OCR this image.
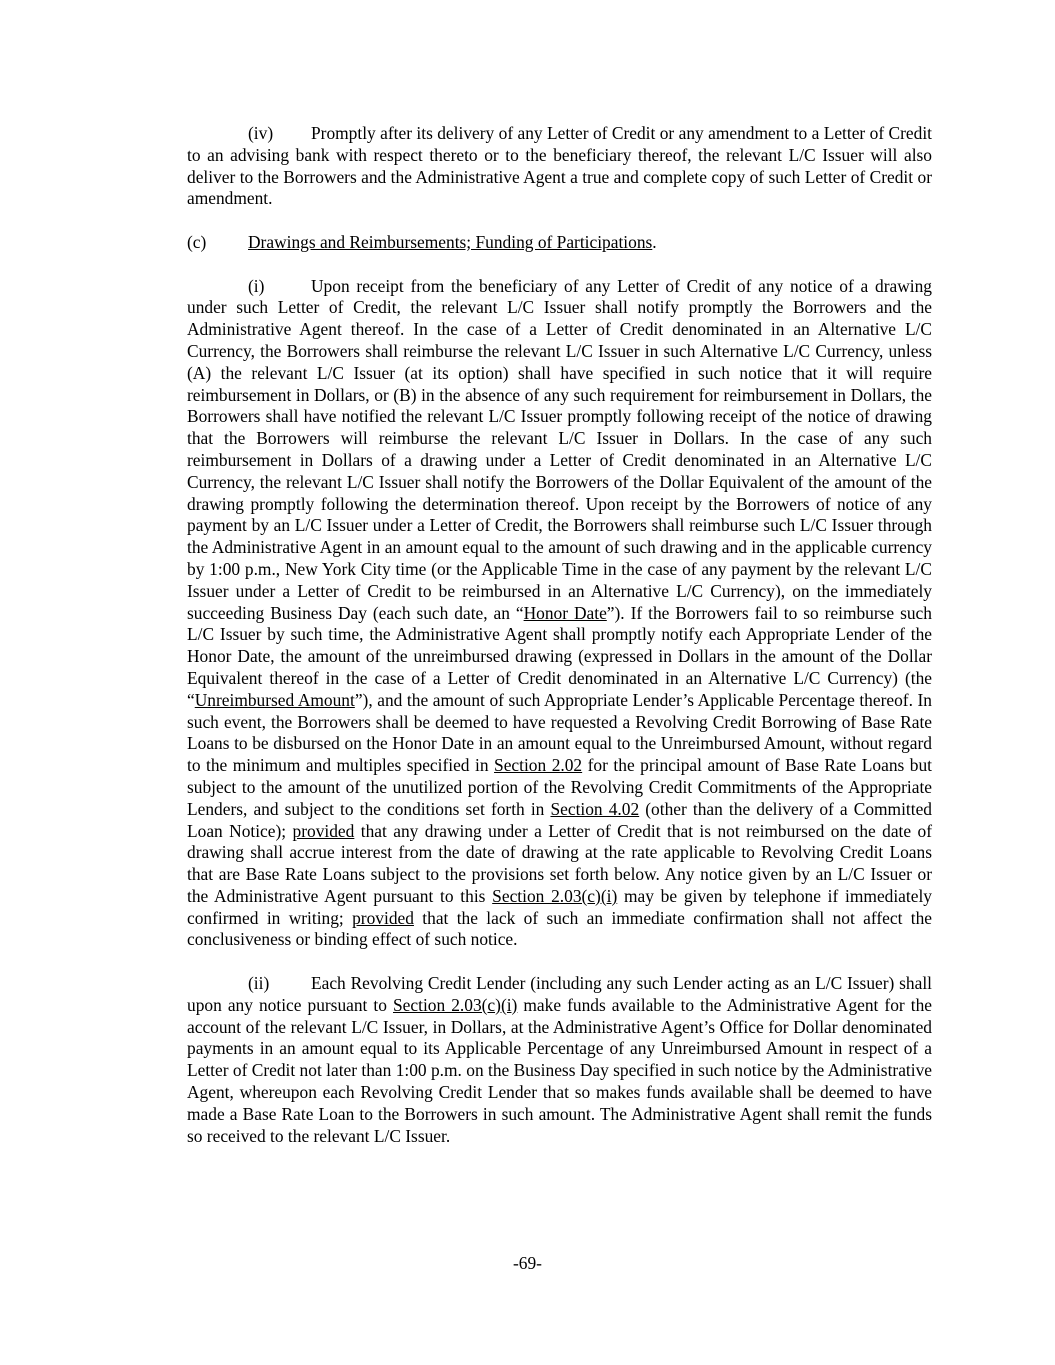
(iv) Promptly after its delivery of any Letter of Credit or any amendment to a Letter of Credit to an advising bank with respect thereto or to the beneficiary thereof, the relevant L/C Issuer will also deliver to the Borrowers and the Administrative Agent a true and complete copy of such Letter of Credit or amendment.

(c) Drawings and Reimbursements; Funding of Participations.

(i)	Upon receipt from the beneficiary of any Letter of Credit of any notice of a drawing under such Letter of Credit, the relevant L/C Issuer shall notify promptly the Borrowers and the Administrative Agent thereof. In the case of a Letter of Credit denominated in an Alternative L/C Currency, the Borrowers shall reimburse the relevant L/C Issuer in such Alternative L/C Currency, unless (A) the relevant L/C Issuer (at its option) shall have specified in such notice that it will require reimbursement in Dollars, or (B) in the absence of any such requirement for reimbursement in Dollars, the Borrowers shall have notified the relevant L/C Issuer promptly following receipt of the notice of drawing that the Borrowers will reimburse the relevant L/C Issuer in Dollars. In the case of any such reimbursement in Dollars of a drawing under a Letter of Credit denominated in an Alternative L/C Currency, the relevant L/C Issuer shall notify the Borrowers of the Dollar Equivalent of the amount of the drawing promptly following the determination thereof. Upon receipt by the Borrowers of notice of any payment by an L/C Issuer under a Letter of Credit, the Borrowers shall reimburse such L/C Issuer through the Administrative Agent in an amount equal to the amount of such drawing and in the applicable currency by 1:00 p.m., New York City time (or the Applicable Time in the case of any payment by the relevant L/C Issuer under a Letter of Credit to be reimbursed in an Alternative L/C Currency), on the immediately succeeding Business Day (each such date, an “Honor Date”). If the Borrowers fail to so reimburse such L/C Issuer by such time, the Administrative Agent shall promptly notify each Appropriate Lender of the Honor Date, the amount of the unreimbursed drawing (expressed in Dollars in the amount of the Dollar Equivalent thereof in the case of a Letter of Credit denominated in an Alternative L/C Currency) (the “Unreimbursed Amount”), and the amount of such Appropriate Lender’s Applicable Percentage thereof. In such event, the Borrowers shall be deemed to have requested a Revolving Credit Borrowing of Base Rate Loans to be disbursed on the Honor Date in an amount equal to the Unreimbursed Amount, without regard to the minimum and multiples specified in Section 2.02 for the principal amount of Base Rate Loans but subject to the amount of the unutilized portion of the Revolving Credit Commitments of the Appropriate Lenders, and subject to the conditions set forth in Section 4.02 (other than the delivery of a Committed Loan Notice); provided that any drawing under a Letter of Credit that is not reimbursed on the date of drawing shall accrue interest from the date of drawing at the rate applicable to Revolving Credit Loans that are Base Rate Loans subject to the provisions set forth below. Any notice given by an L/C Issuer or the Administrative Agent pursuant to this Section 2.03(c)(i) may be given by telephone if immediately confirmed in writing; provided that the lack of such an immediate confirmation shall not affect the conclusiveness or binding effect of such notice.

(ii) Each Revolving Credit Lender (including any such Lender acting as an L/C Issuer) shall upon any notice pursuant to Section 2.03(c)(i) make funds available to the Administrative Agent for the account of the relevant L/C Issuer, in Dollars, at the Administrative Agent’s Office for Dollar denominated payments in an amount equal to its Applicable Percentage of any Unreimbursed Amount in respect of a Letter of Credit not later than 1:00 p.m. on the Business Day specified in such notice by the Administrative Agent, whereupon each Revolving Credit Lender that so makes funds available shall be deemed to have made a Base Rate Loan to the Borrowers in such amount. The Administrative Agent shall remit the funds so received to the relevant L/C Issuer.

-69-
